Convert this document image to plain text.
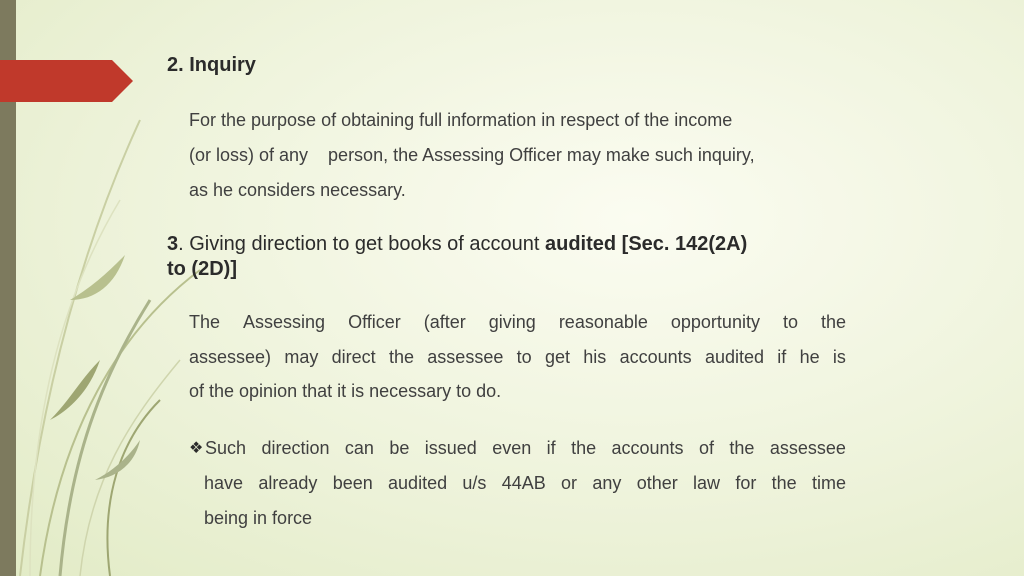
2. Inquiry
For the purpose of obtaining full information in respect of the income
(or loss) of any    person, the Assessing Officer may make such inquiry,
as he considers necessary.
3. Giving direction to get books of account audited [Sec. 142(2A)
to (2D)]
The Assessing Officer (after giving reasonable opportunity to the
assessee) may direct the assessee to get his accounts audited if he is
of the opinion that it is necessary to do.
❖ Such direction can be issued even if the accounts of the assessee
have already been audited u/s 44AB or any other law for the time
being in force
